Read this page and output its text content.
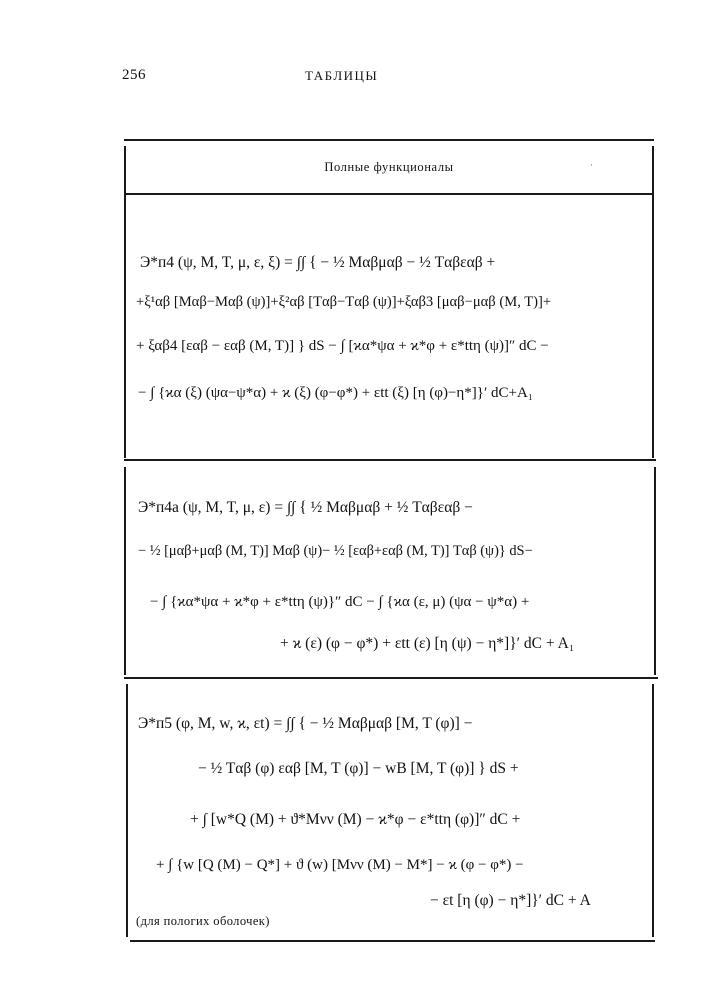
256	ТАБЛИЦЫ
·
Полные функционалы
Э*п4 (ψ, M, T, μ, ε, ξ) = ∫∫ { − ½ Mαβμαβ − ½ Tαβεαβ +
+ξ¹αβ [Mαβ−Mαβ (ψ)]+ξ²αβ [Tαβ−Tαβ (ψ)]+ξαβ3 [μαβ−μαβ (M, T)]+
+ ξαβ4 [εαβ − εαβ (M, T)] } dS − ∫ [ϰα*ψα + ϰ*φ + ε*ttη (ψ)]″ dC −
− ∫ {ϰα (ξ) (ψα−ψ*α) + ϰ (ξ) (φ−φ*) + εtt (ξ) [η (φ)−η*]}′ dC+A₁
Э*п4a (ψ, M, T, μ, ε) = ∫∫ { ½ Mαβμαβ + ½ Tαβεαβ −
− ½ [μαβ+μαβ (M, T)] Mαβ (ψ)− ½ [εαβ+εαβ (M, T)] Tαβ (ψ)} dS−
− ∫ {ϰα*ψα + ϰ*φ + ε*ttη (ψ)}″ dC − ∫ {ϰα (ε, μ) (ψα − ψ*α) +
+ ϰ (ε) (φ − φ*) + εtt (ε) [η (ψ) − η*]}′ dC + A₁
Э*п5 (φ, M, w, ϰ, εt) = ∫∫ { − ½ Mαβμαβ [M, T (φ)] −
− ½ Tαβ (φ) εαβ [M, T (φ)] − wB [M, T (φ)] } dS +
+ ∫ [w*Q (M) + ϑ*Mνν (M) − ϰ*φ − ε*ttη (φ)]″ dC +
+ ∫ {w [Q (M) − Q*] + ϑ (w) [Mνν (M) − M*] − ϰ (φ − φ*) −
− εt [η (φ) − η*]}′ dC + A
(для пологих оболочек)
